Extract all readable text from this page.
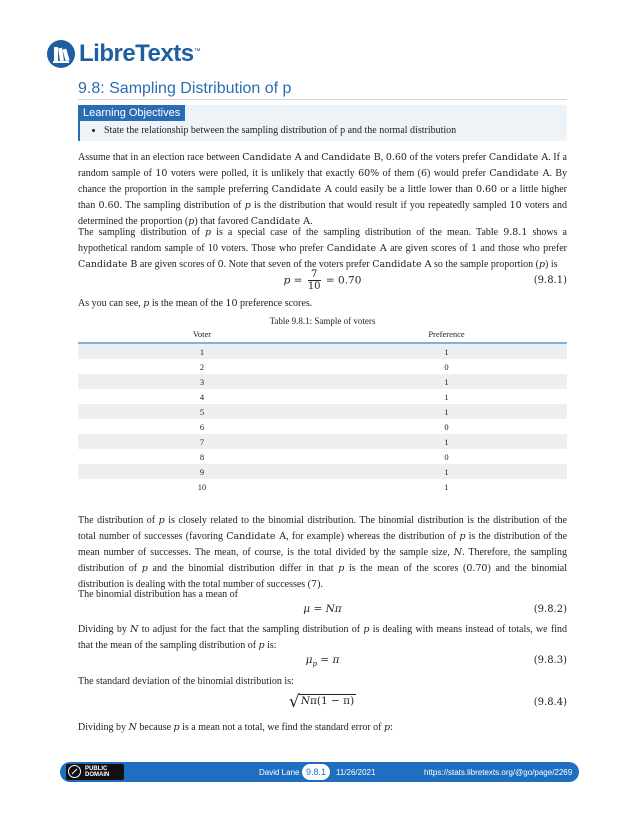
LibreTexts ™
9.8: Sampling Distribution of p
Learning Objectives
• State the relationship between the sampling distribution of p and the normal distribution

Assume that in an election race between Candidate A and Candidate B, 0.60 of the voters prefer Candidate A. If a random sample of 10 voters were polled, it is unlikely that exactly 60% of them (6) would prefer Candidate A. By chance the proportion in the sample preferring Candidate A could easily be a little lower than 0.60 or a little higher than 0.60. The sampling distribution of p is the distribution that would result if you repeatedly sampled 10 voters and determined the proportion (p) that favored Candidate A.

The sampling distribution of p is a special case of the sampling distribution of the mean. Table 9.8.1 shows a hypothetical random sample of 10 voters. Those who prefer Candidate A are given scores of 1 and those who prefer Candidate B are given scores of 0. Note that seven of the voters prefer Candidate A so the sample proportion (p) is

$p = \frac{7}{10} = 0.70$	(9.8.1)

As you can see, p is the mean of the 10 preference scores.

Table 9.8.1: Sample of voters
Voter	Preference
1	1
2	0
3	1
4	1
5	1
6	0
7	1
8	0
9	1
10	1

The distribution of p is closely related to the binomial distribution. The binomial distribution is the distribution of the total number of successes (favoring Candidate A, for example) whereas the distribution of p is the distribution of the mean number of successes. The mean, of course, is the total divided by the sample size, N. Therefore, the sampling distribution of p and the binomial distribution differ in that p is the mean of the scores (0.70) and the binomial distribution is dealing with the total number of successes (7).

The binomial distribution has a mean of

μ = Nπ	(9.8.2)

Dividing by N to adjust for the fact that the sampling distribution of p is dealing with means instead of totals, we find that the mean of the sampling distribution of p is:

$\mu_p = \pi$	(9.8.3)

The standard deviation of the binomial distribution is:

√ Nπ(1 − π)	(9.8.4)

Dividing by N because p is a mean not a total, we find the standard error of p:

PUBLIC
DOMAIN	David Lane 9.8.1	11/26/2021	https://stats.libretexts.org/@go/page/2269
